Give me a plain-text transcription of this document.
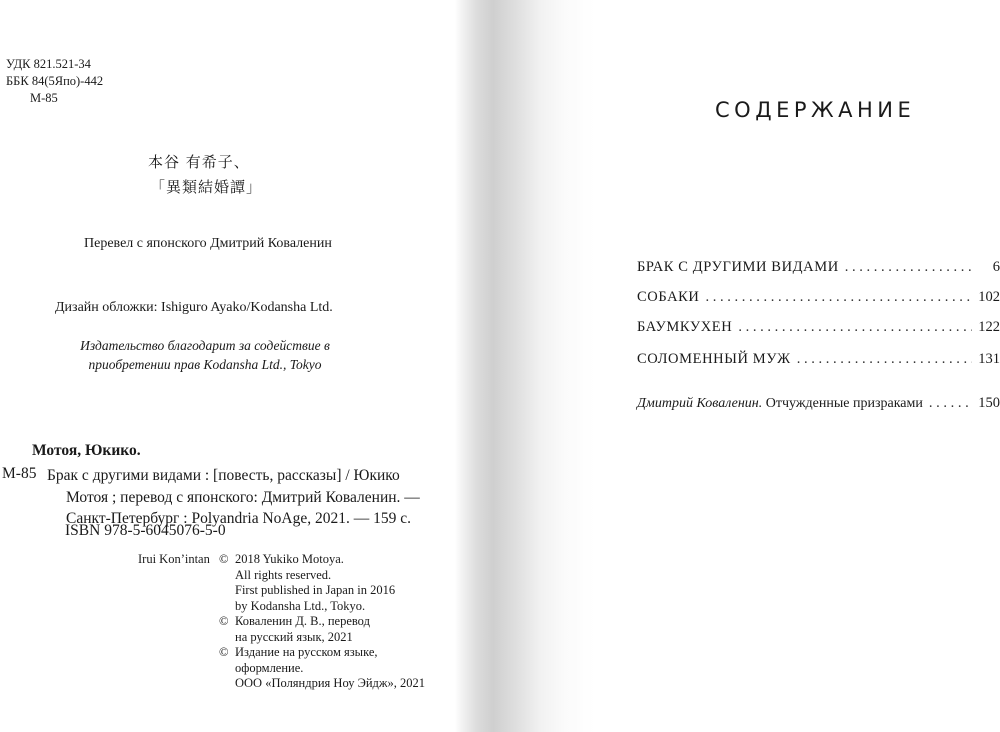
УДК 821.521-34
ББК 84(5Япо)-442
М-85
本谷 有希子、
「異類結婚譚」
Перевел с японского Дмитрий Коваленин
Дизайн обложки: Ishiguro Ayako/Kodansha Ltd.
Издательство благодарит за содействие в приобретении прав Kodansha Ltd., Tokyo
Мотоя, Юкико.
М-85 Брак с другими видами : [повесть, рассказы] / Юкико
Мотоя ; перевод с японского: Дмитрий Коваленин. —
Санкт-Петербург : Polyandria NoAge, 2021. — 159 с.
ISBN 978-5-6045076-5-0
Irui Kon’intan © 2018 Yukiko Motoya.
All rights reserved.
First published in Japan in 2016
by Kodansha Ltd., Tokyo.
© Коваленин Д. В., перевод
на русский язык, 2021
© Издание на русском языке,
оформление.
ООО «Поляндрия Ноу Эйдж», 2021
СОДЕРЖАНИЕ
БРАК С ДРУГИМИ ВИДАМИ . . .	6
СОБАКИ . . .	102
БАУМКУХЕН . . .	122
СОЛОМЕННЫЙ МУЖ . . .	131
Дмитрий Коваленин. Отчужденные призраками . . .	150
